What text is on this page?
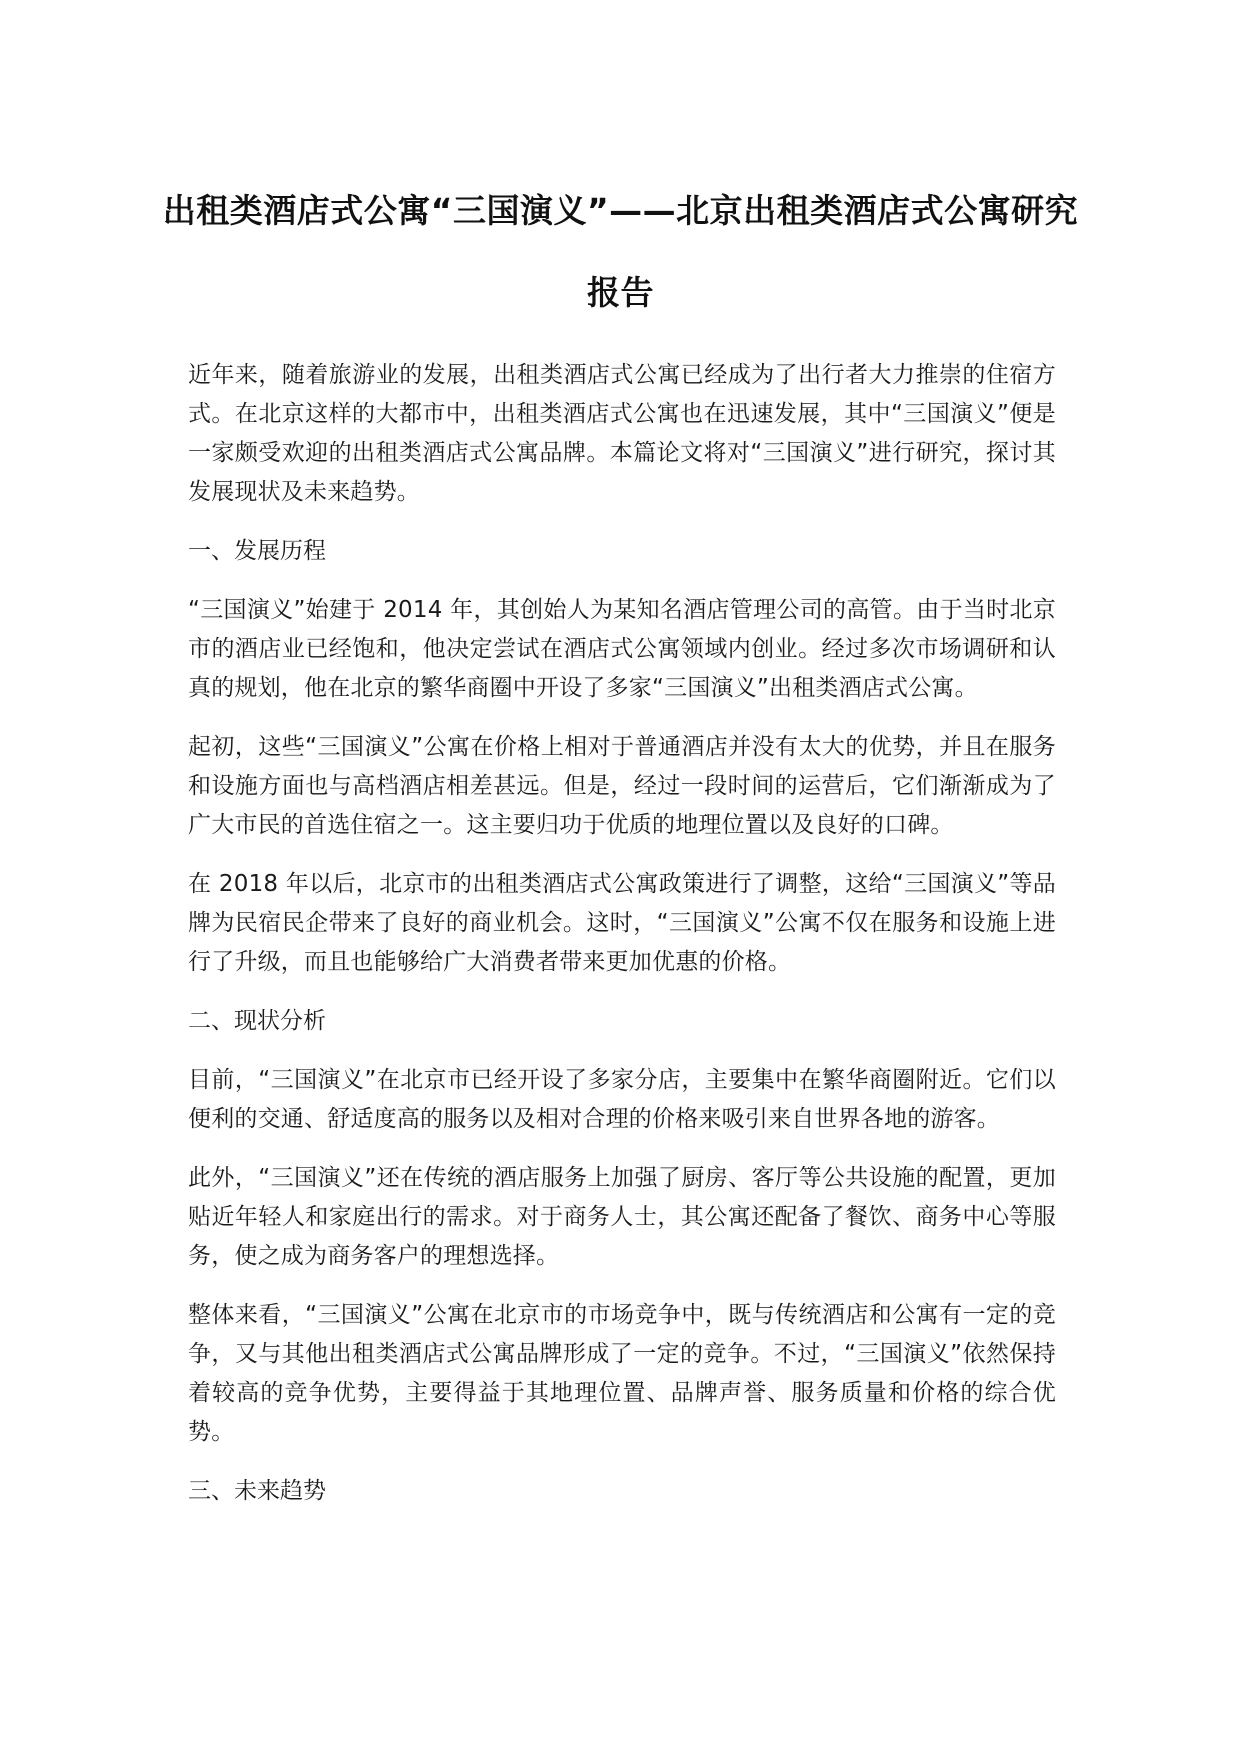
出租类酒店式公寓“三国演义”——北京出租类酒店式公寓研究报告

近年来，随着旅游业的发展，出租类酒店式公寓已经成为了出行者大力推崇的住宿方式。在北京这样的大都市中，出租类酒店式公寓也在迅速发展，其中“三国演义”便是一家颇受欢迎的出租类酒店式公寓品牌。本篇论文将对“三国演义”进行研究，探讨其发展现状及未来趋势。

一、发展历程

“三国演义”始建于 2014 年，其创始人为某知名酒店管理公司的高管。由于当时北京市的酒店业已经饱和，他决定尝试在酒店式公寓领域内创业。经过多次市场调研和认真的规划，他在北京的繁华商圈中开设了多家“三国演义”出租类酒店式公寓。

起初，这些“三国演义”公寓在价格上相对于普通酒店并没有太大的优势，并且在服务和设施方面也与高档酒店相差甚远。但是，经过一段时间的运营后，它们渐渐成为了广大市民的首选住宿之一。这主要归功于优质的地理位置以及良好的口碑。

在 2018 年以后，北京市的出租类酒店式公寓政策进行了调整，这给“三国演义”等品牌为民宿民企带来了良好的商业机会。这时，“三国演义”公寓不仅在服务和设施上进行了升级，而且也能够给广大消费者带来更加优惠的价格。

二、现状分析

目前，“三国演义”在北京市已经开设了多家分店，主要集中在繁华商圈附近。它们以便利的交通、舒适度高的服务以及相对合理的价格来吸引来自世界各地的游客。

此外，“三国演义”还在传统的酒店服务上加强了厨房、客厅等公共设施的配置，更加贴近年轻人和家庭出行的需求。对于商务人士，其公寓还配备了餐饮、商务中心等服务，使之成为商务客户的理想选择。

整体来看，“三国演义”公寓在北京市的市场竞争中，既与传统酒店和公寓有一定的竞争，又与其他出租类酒店式公寓品牌形成了一定的竞争。不过，“三国演义”依然保持着较高的竞争优势，主要得益于其地理位置、品牌声誉、服务质量和价格的综合优势。

三、未来趋势
